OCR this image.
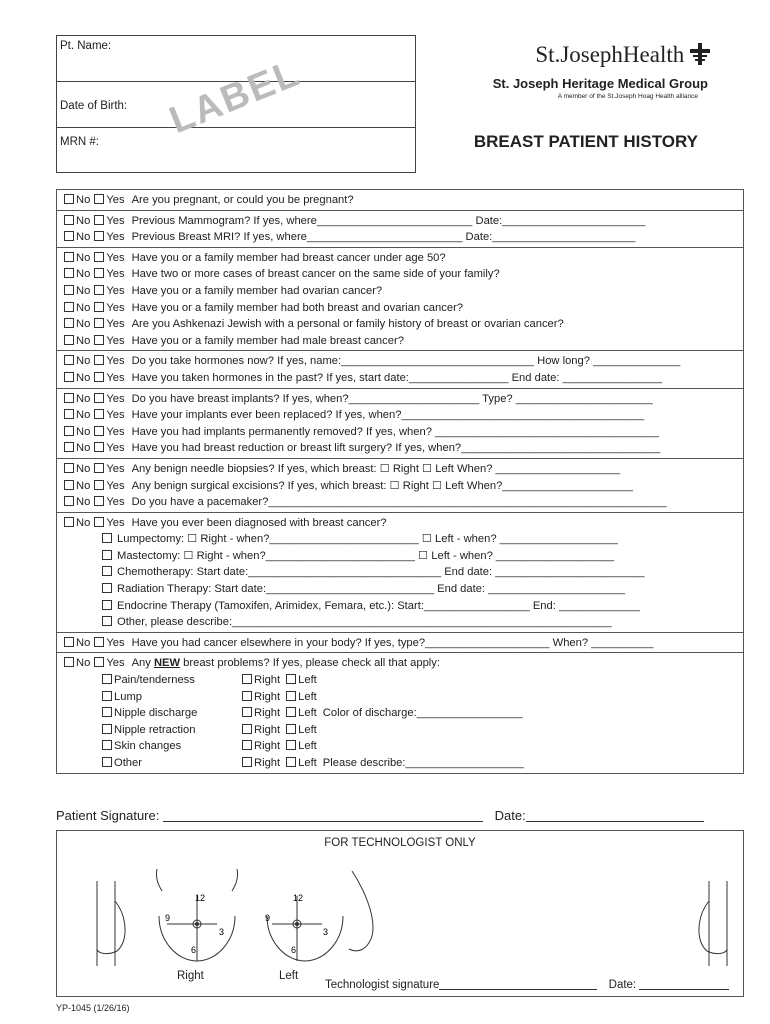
Pt. Name:

Date of Birth:
MRN #:	LABEL	St.JosephHealth
St. Joseph Heritage Medical Group
A member of the St.Joseph Hoag Health alliance
BREAST PATIENT HISTORY
No Yes Are you pregnant, or could you be pregnant?
No Yes Previous Mammogram? If yes, where_________________________ Date:_______________________
No Yes Previous Breast MRI? If yes, where_________________________ Date:_______________________
No Yes Have you or a family member had breast cancer under age 50?
No Yes Have two or more cases of breast cancer on the same side of your family?
No Yes Have you or a family member had ovarian cancer?
No Yes Have you or a family member had both breast and ovarian cancer?
No Yes Are you Ashkenazi Jewish with a personal or family history of breast or ovarian cancer?
No Yes Have you or a family member had male breast cancer?
No Yes Do you take hormones now? If yes, name:_______________________________ How long? ______________
No Yes Have you taken hormones in the past? If yes, start date:________________ End date: ________________
No Yes Do you have breast implants? If yes, when?_____________________ Type? ______________________
No Yes Have your implants ever been replaced? If yes, when?_______________________________________
No Yes Have you had implants permanently removed? If yes, when? ____________________________________
No Yes Have you had breast reduction or breast lift surgery? If yes, when?________________________________
No Yes Any benign needle biopsies? If yes, which breast: ☐ Right ☐ Left When? ____________________
No Yes Any benign surgical excisions? If yes, which breast: ☐ Right ☐ Left When?_____________________
No Yes Do you have a pacemaker?________________________________________________________________
No Yes Have you ever been diagnosed with breast cancer?
Lumpectomy: ☐ Right - when?________________________ ☐ Left - when? ___________________
Mastectomy: ☐ Right - when?________________________ ☐ Left - when? ___________________
Chemotherapy: Start date:_______________________________ End date: ________________________
Radiation Therapy: Start date:___________________________ End date: ______________________
Endocrine Therapy (Tamoxifen, Arimidex, Femara, etc.): Start:_________________ End: _____________
Other, please describe:_____________________________________________________________
No Yes Have you had cancer elsewhere in your body? If yes, type?____________________ When? __________
No Yes Any NEW breast problems? If yes, please check all that apply:
Pain/tenderness	Right Left
Lump	Right Left
Nipple discharge	Right Left Color of discharge:_________________
Nipple retraction	Right Left
Skin changes	Right Left
Other	Right Left Please describe:___________________
Patient Signature:	Date:
FOR TECHNOLOGIST ONLY
12
9
3
6
12
9
3
6
Right	Left
Technologist signature	Date:
YP-1045 (1/26/16)
